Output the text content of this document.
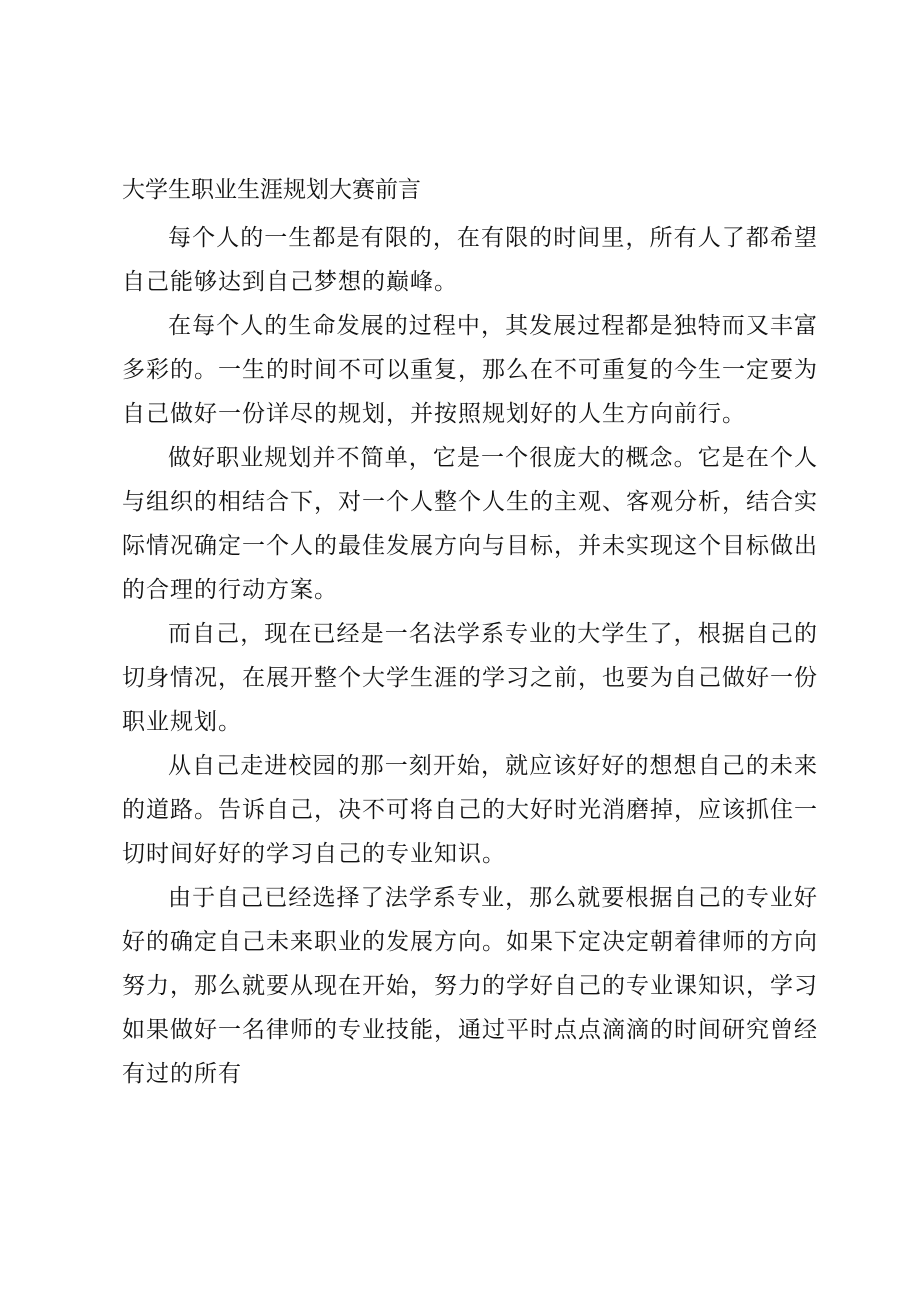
大学生职业生涯规划大赛前言

每个人的一生都是有限的，在有限的时间里，所有人了都希望自己能够达到自己梦想的巅峰。

在每个人的生命发展的过程中，其发展过程都是独特而又丰富多彩的。一生的时间不可以重复，那么在不可重复的今生一定要为自己做好一份详尽的规划，并按照规划好的人生方向前行。

做好职业规划并不简单，它是一个很庞大的概念。它是在个人与组织的相结合下，对一个人整个人生的主观、客观分析，结合实际情况确定一个人的最佳发展方向与目标，并未实现这个目标做出的合理的行动方案。

而自己，现在已经是一名法学系专业的大学生了，根据自己的切身情况，在展开整个大学生涯的学习之前，也要为自己做好一份职业规划。

从自己走进校园的那一刻开始，就应该好好的想想自己的未来的道路。告诉自己，决不可将自己的大好时光消磨掉，应该抓住一切时间好好的学习自己的专业知识。

由于自己已经选择了法学系专业，那么就要根据自己的专业好好的确定自己未来职业的发展方向。如果下定决定朝着律师的方向努力，那么就要从现在开始，努力的学好自己的专业课知识，学习如果做好一名律师的专业技能，通过平时点点滴滴的时间研究曾经有过的所有
